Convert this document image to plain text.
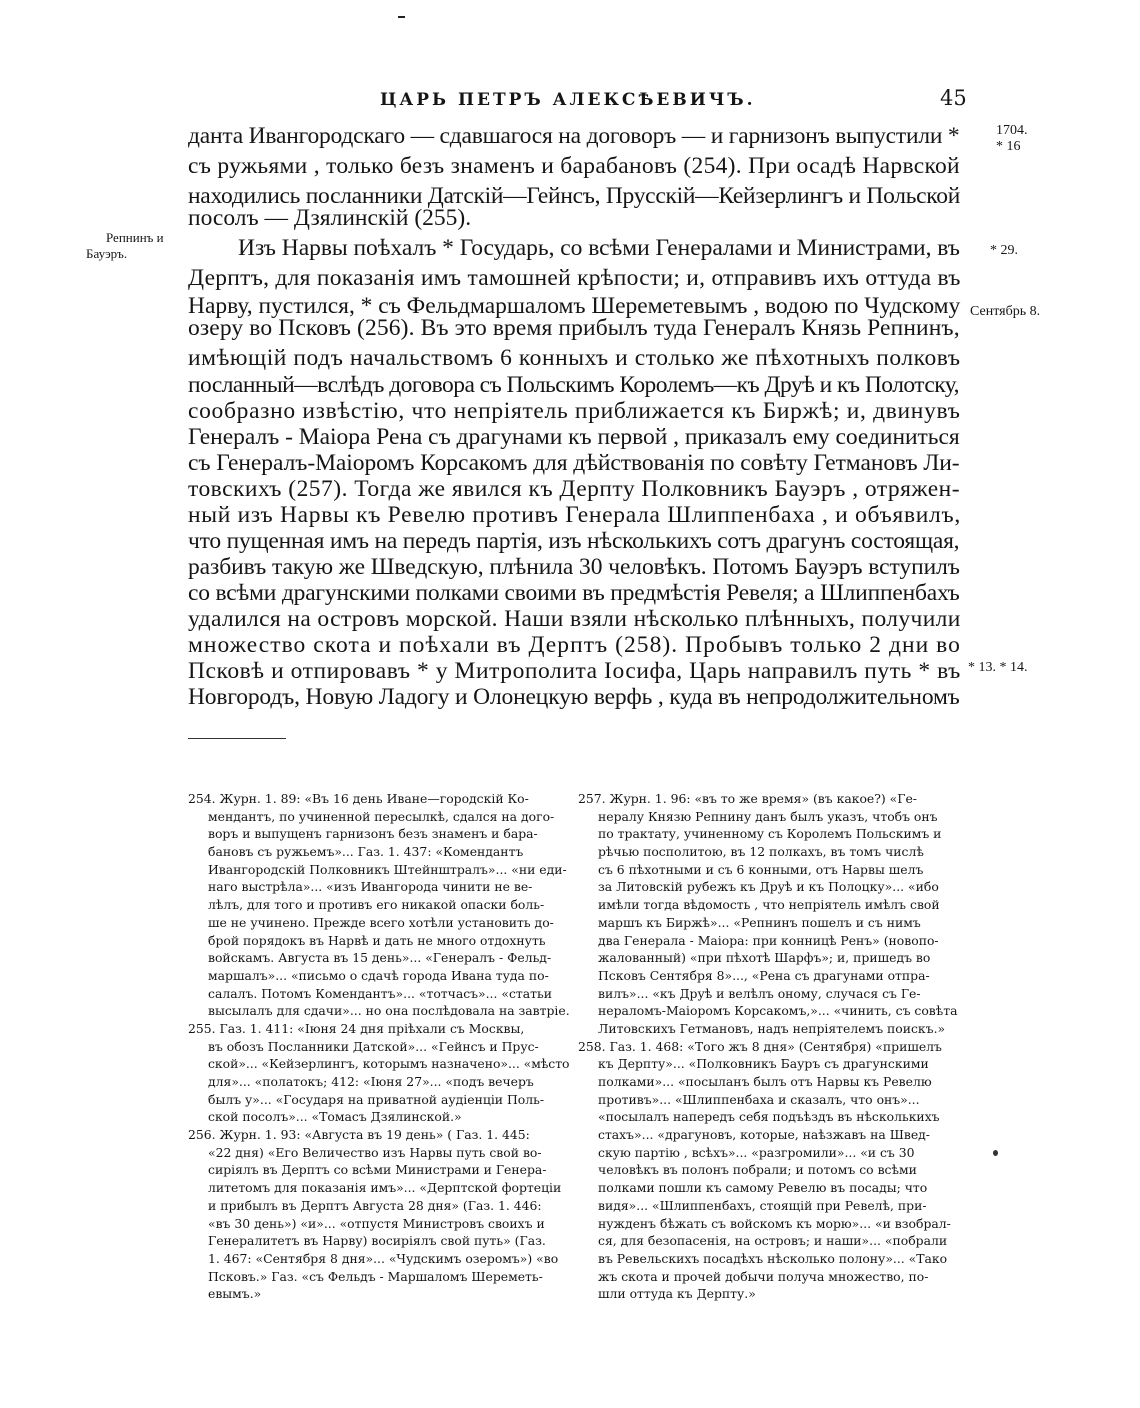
ЦАРЬ ПЕТРЪ АЛЕКСѢЕВИЧЪ.	45
данта Ивангородскаго — сдавшагося на договоръ — и гарнизонъ выпустили *
съ ружьями , только безъ знаменъ и барабановъ (254). При осадѣ Нарвской
находились посланники Датскій—Гейнсъ, Прусскій—Кейзерлингъ и Польской
посолъ — Дзялинскій (255).
Изъ Нарвы поѣхалъ * Государь, со всѣми Генералами и Министрами, въ
Дерптъ, для показанія имъ тамошней крѣпости; и, отправивъ ихъ оттуда въ
Нарву, пустился, * съ Фельдмаршаломъ Шереметевымъ , водою по Чудскому
озеру во Псковъ (256). Въ это время прибылъ туда Генералъ Князь Репнинъ,
имѣющій подъ начальствомъ 6 конныхъ и столько же пѣхотныхъ полковъ
посланный—вслѣдъ договора съ Польскимъ Королемъ—къ Друѣ и къ Полотску,
сообразно извѣстію, что непріятель приближается къ Биржѣ; и, двинувъ
Генералъ - Маіора Рена съ драгунами къ первой , приказалъ ему соединиться
съ Генералъ-Маіоромъ Корсакомъ для дѣйствованія по совѣту Гетмановъ Ли-
товскихъ (257). Тогда же явился къ Дерпту Полковникъ Бауэръ , отряжен-
ный изъ Нарвы къ Ревелю противъ Генерала Шлиппенбаха , и объявилъ,
что пущенная имъ на передъ партія, изъ нѣсколькихъ сотъ драгунъ состоящая,
разбивъ такую же Шведскую, плѣнила 30 человѣкъ. Потомъ Бауэръ вступилъ
со всѣми драгунскими полками своими въ предмѣстія Ревеля; а Шлиппенбахъ
удалился на островъ морской. Наши взяли нѣсколько плѣнныхъ, получили
множество скота и поѣхали въ Дерптъ (258). Пробывъ только 2 дни во
Псковѣ и отпировавъ * у Митрополита Іосифа, Царь направилъ путь * въ
Новгородъ, Новую Ладогу и Олонецкую верфь , куда въ непродолжительномъ
Репнинъ и
Бауэръ.
1704.
* 16
* 29.
Сентябрь 8.
* 13. * 14.
254. Журн. 1. 89: «Въ 16 день Иване—городскій Ко-
мендантъ, по учиненной пересылкѣ, сдался на дого-
воръ и выпущенъ гарнизонъ безъ знаменъ и бара-
бановъ съ ружьемъ»... Газ. 1. 437: «Комендантъ
Ивангородскій Полковникъ Штейнштралъ»... «ни еди-
наго выстрѣла»... «изъ Ивангорода чинити не ве-
лѣлъ, для того и противъ его никакой опаски боль-
ше не учинено. Прежде всего хотѣли установить до-
брой порядокъ въ Нарвѣ и дать не много отдохнуть
войскамъ. Августа въ 15 день»... «Генералъ - Фельд-
маршалъ»... «письмо о сдачѣ города Ивана туда по-
салалъ. Потомъ Комендантъ»... «тотчасъ»... «статьи
высылалъ для сдачи»... но она послѣдовала на завтріе.
255. Газ. 1. 411: «Іюня 24 дня пріѣхали съ Москвы,
въ обозъ Посланники Датской»... «Гейнсъ и Прус-
ской»... «Кейзерлингъ, которымъ назначено»... «мѣсто
для»... «полатокъ; 412: «Іюня 27»... «подъ вечеръ
былъ у»... «Государя на приватной аудіенціи Поль-
ской посолъ»... «Томасъ Дзялинской.»
256. Журн. 1. 93: «Августа въ 19 день» ( Газ. 1. 445:
«22 дня) «Его Величество изъ Нарвы путь свой во-
сиріялъ въ Дерптъ со всѣми Министрами и Генера-
литетомъ для показанія имъ»... «Дерптской фортеціи
и прибылъ въ Дерптъ Августа 28 дня» (Газ. 1. 446:
«въ 30 день») «и»... «отпустя Министровъ своихъ и
Генералитетъ въ Нарву) восиріялъ свой путь» (Газ.
1. 467: «Сентября 8 дня»... «Чудскимъ озеромъ») «во
Псковъ.» Газ. «съ Фельдъ - Маршаломъ Шереметь-
евымъ.»
257. Журн. 1. 96: «въ то же время» (въ какое?) «Ге-
нералу Князю Репнину данъ былъ указъ, чтобъ онъ
по трактату, учиненному съ Королемъ Польскимъ и
рѣчью посполитою, въ 12 полкахъ, въ томъ числѣ
съ 6 пѣхотными и съ 6 конными, отъ Нарвы шелъ
за Литовскій рубежъ къ Друѣ и къ Полоцку»... «ибо
имѣли тогда вѣдомость , что непріятель имѣлъ свой
маршъ къ Биржѣ»... «Репнинъ пошелъ и съ нимъ
два Генерала - Маіора: при конницѣ Ренъ» (новопо-
жалованный) «при пѣхотѣ Шарфъ»; и, пришедъ во
Псковъ Сентября 8»..., «Рена съ драгунами отпра-
вилъ»... «къ Друѣ и велѣлъ оному, случася съ Ге-
нераломъ-Маіоромъ Корсакомъ,»... «чинить, съ совѣта
Литовскихъ Гетмановъ, надъ непріятелемъ поискъ.»
258. Газ. 1. 468: «Того жъ 8 дня» (Сентября) «пришелъ
къ Дерпту»... «Полковникъ Бауръ съ драгунскими
полками»... «посыланъ былъ отъ Нарвы къ Ревелю
противъ»... «Шлиппенбаха и сказалъ, что онъ»...
«посылалъ напередъ себя подъѣздъ въ нѣсколькихъ
стахъ»... «драгуновъ, которые, наѣзжавъ на Швед-
скую партію , всѣхъ»... «разгромили»... «и съ 30
человѣкъ въ полонъ побрали; и потомъ со всѣми
полками пошли къ самому Ревелю въ посады; что
видя»... «Шлиппенбахъ, стоящій при Ревелѣ, при-
нужденъ бѣжать съ войскомъ къ морю»... «и взобрал-
ся, для безопасенія, на островъ; и наши»... «побрали
въ Ревельскихъ посадѣхъ нѣсколько полону»... «Тако
жъ скота и прочей добычи получа множество, по-
шли оттуда къ Дерпту.»
